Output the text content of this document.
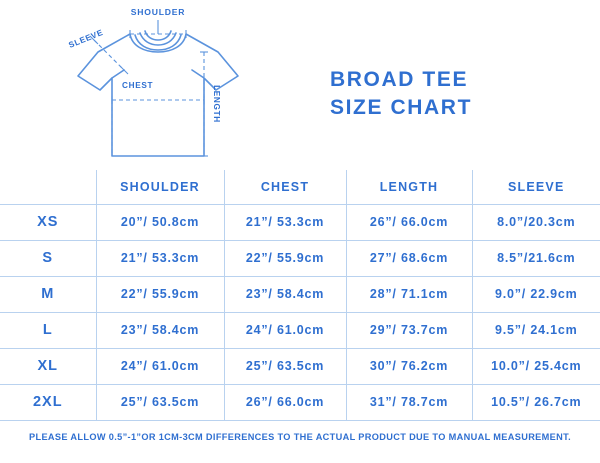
SHOULDER
SLEEVE
CHEST	LENGTH
BROAD TEE
SIZE CHART
	SHOULDER	CHEST	LENGTH	SLEEVE
XS	20”/ 50.8cm	21”/ 53.3cm	26”/ 66.0cm	8.0”/20.3cm
S	21”/ 53.3cm	22”/ 55.9cm	27”/ 68.6cm	8.5”/21.6cm
M	22”/ 55.9cm	23”/ 58.4cm	28”/ 71.1cm	9.0”/ 22.9cm
L	23”/ 58.4cm	24”/ 61.0cm	29”/ 73.7cm	9.5”/ 24.1cm
XL	24”/ 61.0cm	25”/ 63.5cm	30”/ 76.2cm	10.0”/ 25.4cm
2XL	25”/ 63.5cm	26”/ 66.0cm	31”/ 78.7cm	10.5”/ 26.7cm
PLEASE ALLOW 0.5”-1”OR 1CM-3CM DIFFERENCES TO THE ACTUAL PRODUCT DUE TO MANUAL MEASUREMENT.
